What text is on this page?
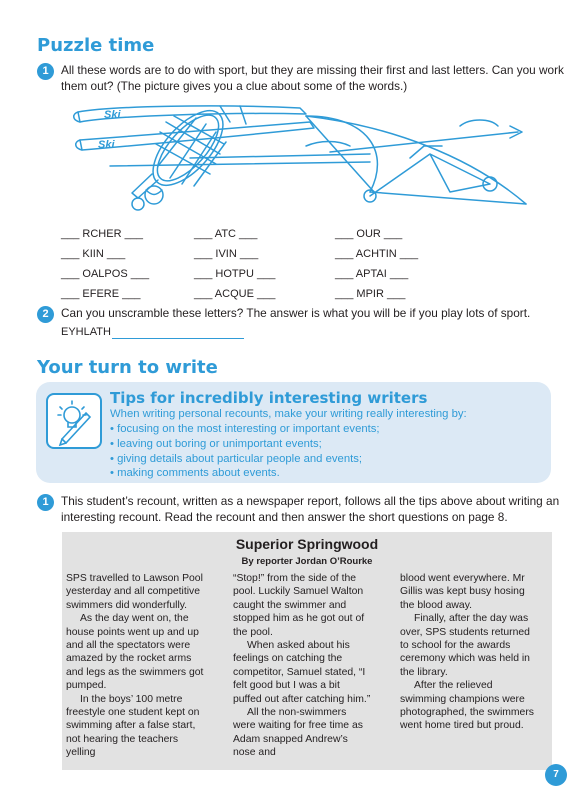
Puzzle time
1	All these words are to do with sport, but they are missing their first and last letters. Can you work
them out? (The picture gives you a clue about some of the words.)
Ski
Ski
___ RCHER ___	___ ATC ___	___ OUR ___
___ KIIN ___	___ IVIN ___	___ ACHTIN ___
___ OALPOS ___	___ HOTPU ___	___ APTAI ___
___ EFERE ___	___ ACQUE ___	___ MPIR ___
2	Can you unscramble these letters? The answer is what you will be if you play lots of sport.
EYHLATH
Your turn to write
Tips for incredibly interesting writers
When writing personal recounts, make your writing really interesting by:
• focusing on the most interesting or important events;
• leaving out boring or unimportant events;
• giving details about particular people and events;
• making comments about events.
1	This student’s recount, written as a newspaper report, follows all the tips above about writing an
interesting recount. Read the recount and then answer the short questions on page 8.
Superior Springwood
By reporter Jordan O’Rourke

SPS travelled to Lawson Pool yesterday and all competitive swimmers did wonderfully.

As the day went on, the house points went up and up and all the spectators were amazed by the rocket arms and legs as the swimmers got pumped.

In the boys’ 100 metre freestyle one student kept on swimming after a false start, not hearing the teachers yelling

“Stop!” from the side of the pool. Luckily Samuel Walton caught the swimmer and stopped him as he got out of the pool.

When asked about his feelings on catching the competitor, Samuel stated, “I felt good but I was a bit puffed out after catching him.”

All the non-swimmers were waiting for free time as Adam snapped Andrew’s nose and

blood went everywhere. Mr Gillis was kept busy hosing the blood away.

Finally, after the day was over, SPS students returned to school for the awards ceremony which was held in the library.

After the relieved swimming champions were photographed, the swimmers went home tired but proud.

7
